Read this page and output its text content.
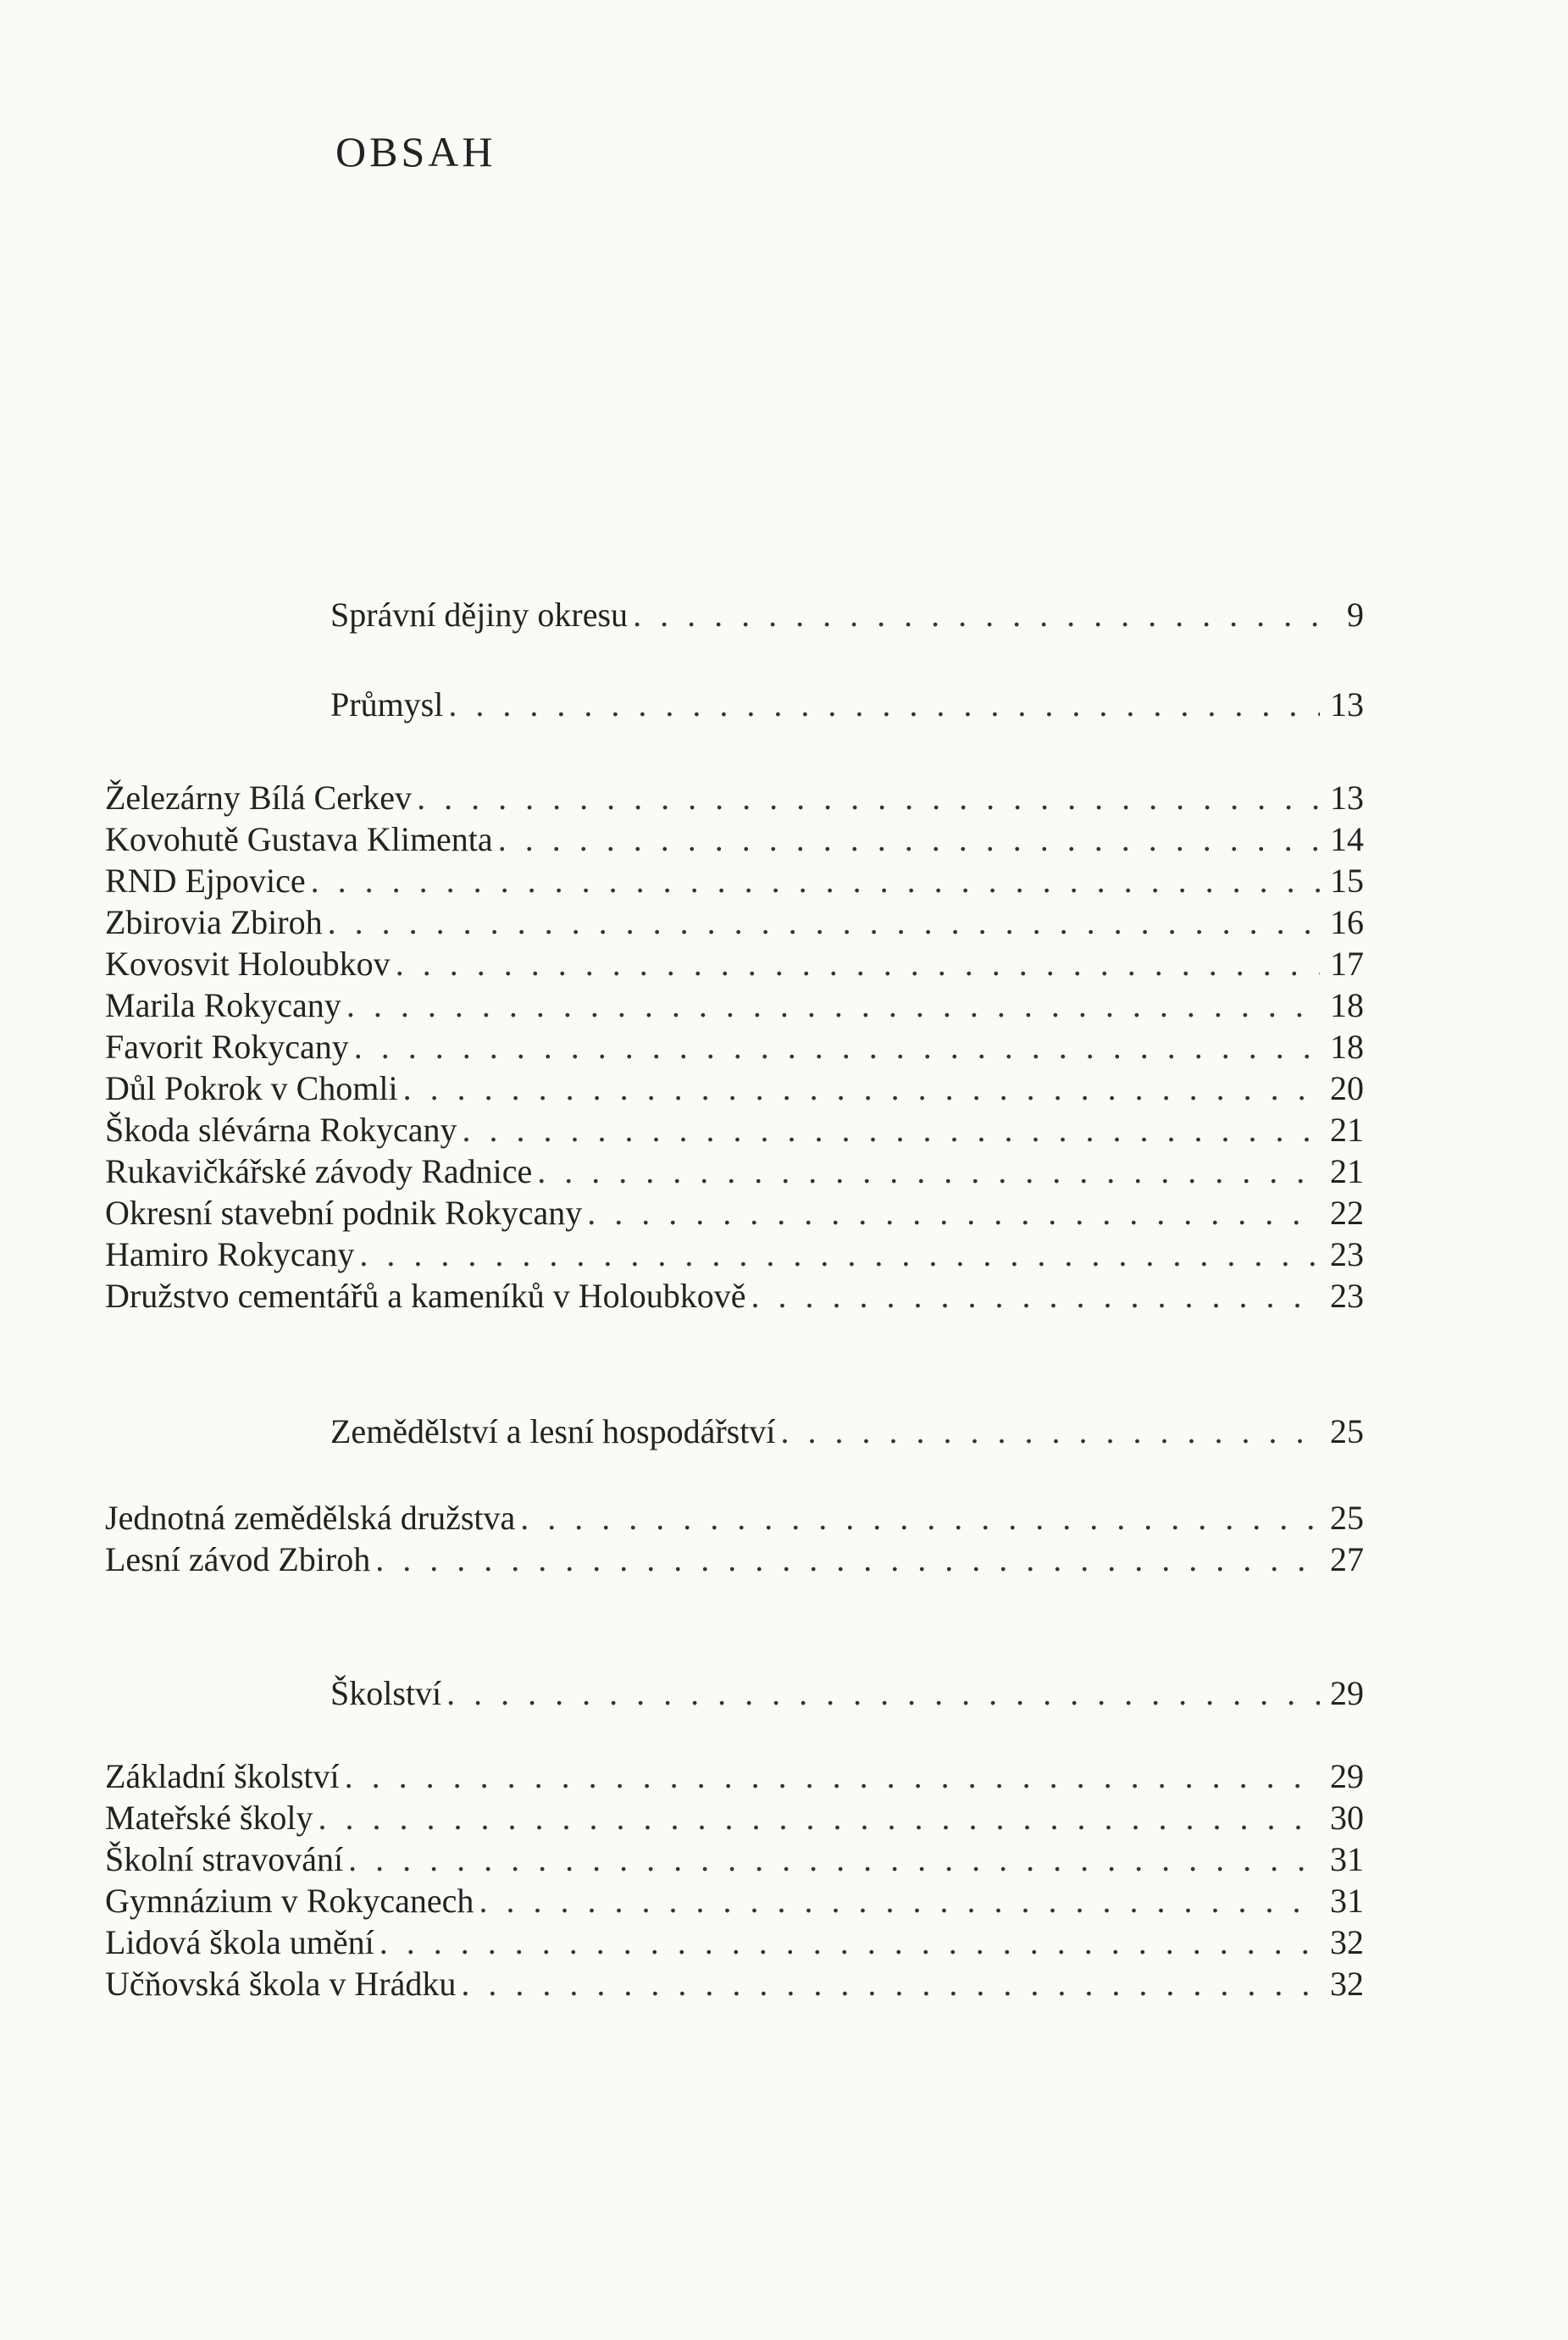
OBSAH
Správní dějiny okresu . . .	9
Průmysl . . .	13
Železárny Bílá Cerkev . . .	13
Kovohutě Gustava Klimenta . . .	14
RND Ejpovice . . .	15
Zbirovia Zbiroh . . .	16
Kovosvit Holoubkov . . .	17
Marila Rokycany . . .	18
Favorit Rokycany . . .	18
Důl Pokrok v Chomli . . .	20
Škoda slévárna Rokycany . . .	21
Rukavičkářské závody Radnice . . .	21
Okresní stavební podnik Rokycany . . .	22
Hamiro Rokycany . . .	23
Družstvo cementářů a kameníků v Holoubkově . . .	23
Zemědělství a lesní hospodářství . . .	25
Jednotná zemědělská družstva . . .	25
Lesní závod Zbiroh . . .	27
Školství . . .	29
Základní školství . . .	29
Mateřské školy . . .	30
Školní stravování . . .	31
Gymnázium v Rokycanech . . .	31
Lidová škola umění . . .	32
Učňovská škola v Hrádku . . .	32
